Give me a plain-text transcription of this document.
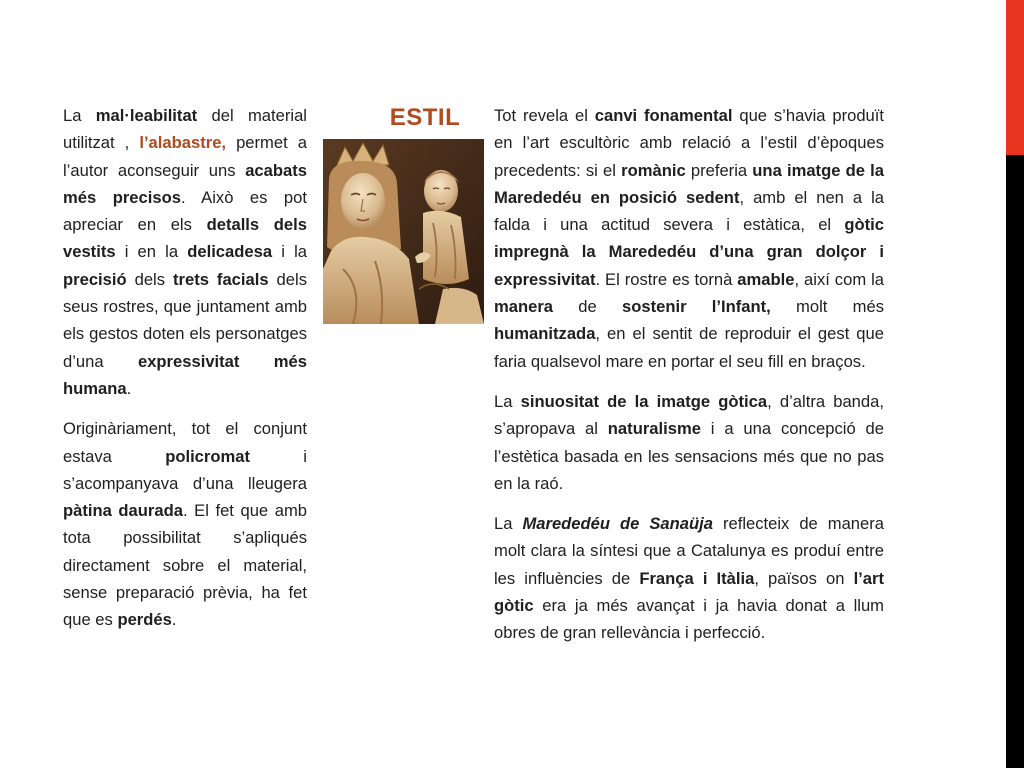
La mal·leabilitat del material utilitzat , l’alabastre, permet a l’autor aconseguir uns acabats més precisos. Això es pot apreciar en els detalls dels vestits i en la delicadesa i la precisió dels trets facials dels seus rostres, que juntament amb els gestos doten els personatges d’una expressivitat més humana.

Originàriament, tot el conjunt estava policromat i s’acompanyava d’una lleugera pàtina daurada. El fet que amb tota possibilitat s’apliqués directament sobre el material, sense preparació prèvia, ha fet que es perdés.

ESTIL	Tot revela el canvi fonamental que s’havia produït en l’art escultòric amb relació a l’estil d’èpoques precedents: si el romànic preferia una imatge de la Marededéu en posició sedent, amb el nen a la falda i una actitud severa i estàtica, el gòtic impregnà la Marededéu d’una gran dolçor i expressivitat. El rostre es tornà amable, així com la manera de sostenir l’Infant, molt més humanitzada, en el sentit de reproduir el gest que faria qualsevol mare en portar el seu fill en braços.

La sinuositat de la imatge gòtica, d’altra banda, s’apropava al naturalisme i a una concepció de l’estètica basada en les sensacions més que no pas en la raó.

La Marededéu de Sanaüja reflecteix de manera molt clara la síntesi que a Catalunya es produí entre les influències de França i Itàlia, països on l’art gòtic era ja més avançat i ja havia donat a llum obres de gran rellevància i perfecció.
